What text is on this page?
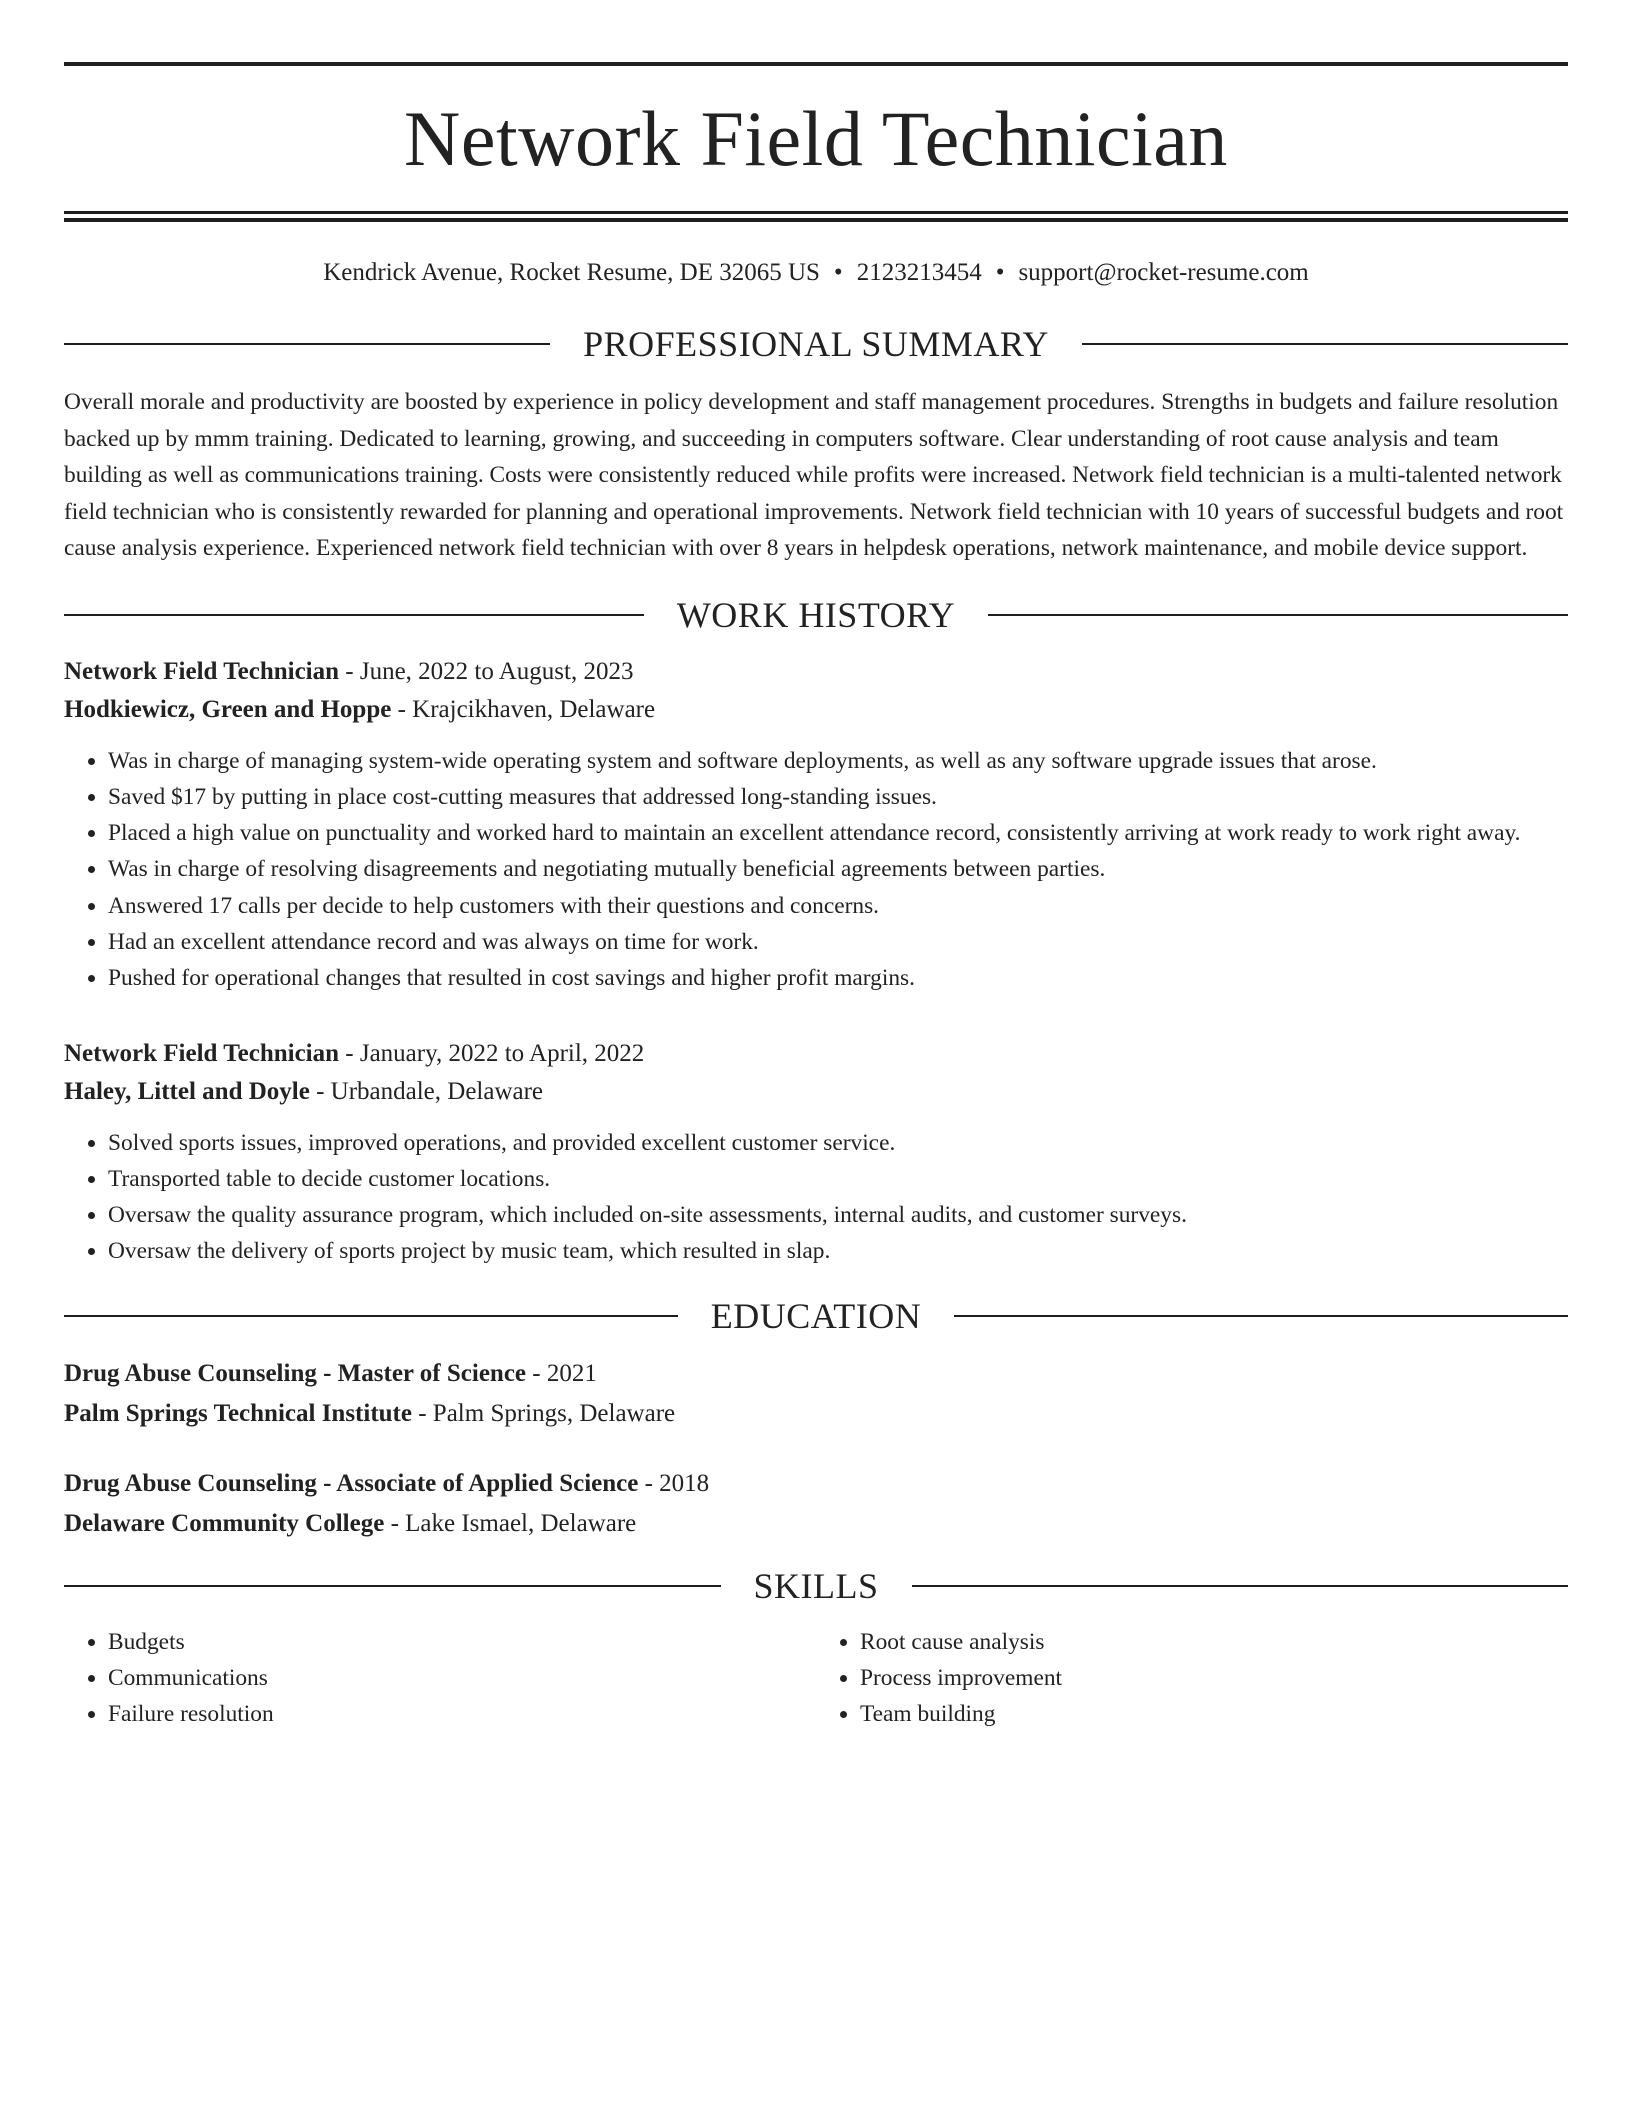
Network Field Technician
Kendrick Avenue, Rocket Resume, DE 32065 US • 2123213454 • support@rocket-resume.com
PROFESSIONAL SUMMARY

Overall morale and productivity are boosted by experience in policy development and staff management procedures. Strengths in budgets and failure resolution backed up by mmm training. Dedicated to learning, growing, and succeeding in computers software. Clear understanding of root cause analysis and team building as well as communications training. Costs were consistently reduced while profits were increased. Network field technician is a multi-talented network field technician who is consistently rewarded for planning and operational improvements. Network field technician with 10 years of successful budgets and root cause analysis experience. Experienced network field technician with over 8 years in helpdesk operations, network maintenance, and mobile device support.

WORK HISTORY
Network Field Technician - June, 2022 to August, 2023
Hodkiewicz, Green and Hoppe - Krajcikhaven, Delaware
• Was in charge of managing system-wide operating system and software deployments, as well as any software upgrade issues that arose.
• Saved $17 by putting in place cost-cutting measures that addressed long-standing issues.
• Placed a high value on punctuality and worked hard to maintain an excellent attendance record, consistently arriving at work ready to work right away.
• Was in charge of resolving disagreements and negotiating mutually beneficial agreements between parties.
• Answered 17 calls per decide to help customers with their questions and concerns.
• Had an excellent attendance record and was always on time for work.
• Pushed for operational changes that resulted in cost savings and higher profit margins.
Network Field Technician - January, 2022 to April, 2022
Haley, Littel and Doyle - Urbandale, Delaware
• Solved sports issues, improved operations, and provided excellent customer service.
• Transported table to decide customer locations.
• Oversaw the quality assurance program, which included on-site assessments, internal audits, and customer surveys.
• Oversaw the delivery of sports project by music team, which resulted in slap.
EDUCATION
Drug Abuse Counseling - Master of Science - 2021
Palm Springs Technical Institute - Palm Springs, Delaware
Drug Abuse Counseling - Associate of Applied Science - 2018
Delaware Community College - Lake Ismael, Delaware
SKILLS
• Budgets
• Communications
• Failure resolution
• Root cause analysis
• Process improvement
• Team building
